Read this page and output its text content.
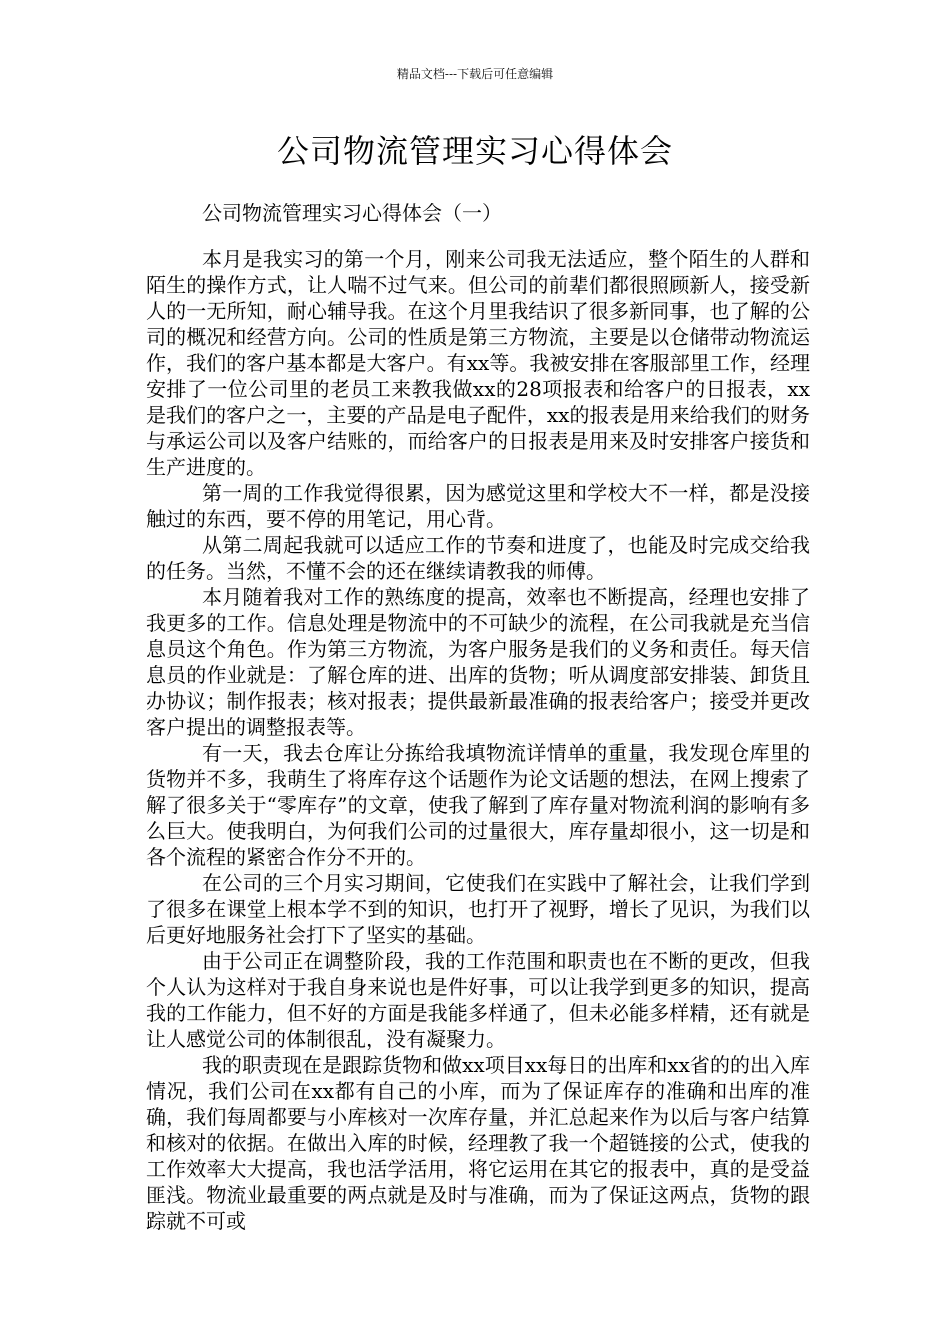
精品文档---下载后可任意编辑
公司物流管理实习心得体会
公司物流管理实习心得体会（一）

本月是我实习的第一个月，刚来公司我无法适应，整个陌生的人群和陌生的操作方式，让人喘不过气来。但公司的前辈们都很照顾新人，接受新人的一无所知，耐心辅导我。在这个月里我结识了很多新同事，也了解的公司的概况和经营方向。公司的性质是第三方物流，主要是以仓储带动物流运作，我们的客户基本都是大客户。有xx等。我被安排在客服部里工作，经理安排了一位公司里的老员工来教我做xx的28项报表和给客户的日报表，xx是我们的客户之一，主要的产品是电子配件，xx的报表是用来给我们的财务与承运公司以及客户结账的，而给客户的日报表是用来及时安排客户接货和生产进度的。

第一周的工作我觉得很累，因为感觉这里和学校大不一样，都是没接触过的东西，要不停的用笔记，用心背。

从第二周起我就可以适应工作的节奏和进度了，也能及时完成交给我的任务。当然，不懂不会的还在继续请教我的师傅。

本月随着我对工作的熟练度的提高，效率也不断提高，经理也安排了我更多的工作。信息处理是物流中的不可缺少的流程，在公司我就是充当信息员这个角色。作为第三方物流，为客户服务是我们的义务和责任。每天信息员的作业就是：了解仓库的进、出库的货物；听从调度部安排装、卸货且办协议；制作报表；核对报表；提供最新最准确的报表给客户；接受并更改客户提出的调整报表等。

有一天，我去仓库让分拣给我填物流详情单的重量，我发现仓库里的货物并不多，我萌生了将库存这个话题作为论文话题的想法，在网上搜索了解了很多关于“零库存”的文章，使我了解到了库存量对物流利润的影响有多么巨大。使我明白，为何我们公司的过量很大，库存量却很小，这一切是和各个流程的紧密合作分不开的。

在公司的三个月实习期间，它使我们在实践中了解社会，让我们学到了很多在课堂上根本学不到的知识，也打开了视野，增长了见识，为我们以后更好地服务社会打下了坚实的基础。

由于公司正在调整阶段，我的工作范围和职责也在不断的更改，但我个人认为这样对于我自身来说也是件好事，可以让我学到更多的知识，提高我的工作能力，但不好的方面是我能多样通了，但未必能多样精，还有就是让人感觉公司的体制很乱，没有凝聚力。

我的职责现在是跟踪货物和做xx项目xx每日的出库和xx省的的出入库情况，我们公司在xx都有自己的小库，而为了保证库存的准确和出库的准确，我们每周都要与小库核对一次库存量，并汇总起来作为以后与客户结算和核对的依据。在做出入库的时候，经理教了我一个超链接的公式，使我的工作效率大大提高，我也活学活用，将它运用在其它的报表中，真的是受益匪浅。物流业最重要的两点就是及时与准确，而为了保证这两点，货物的跟踪就不可或
